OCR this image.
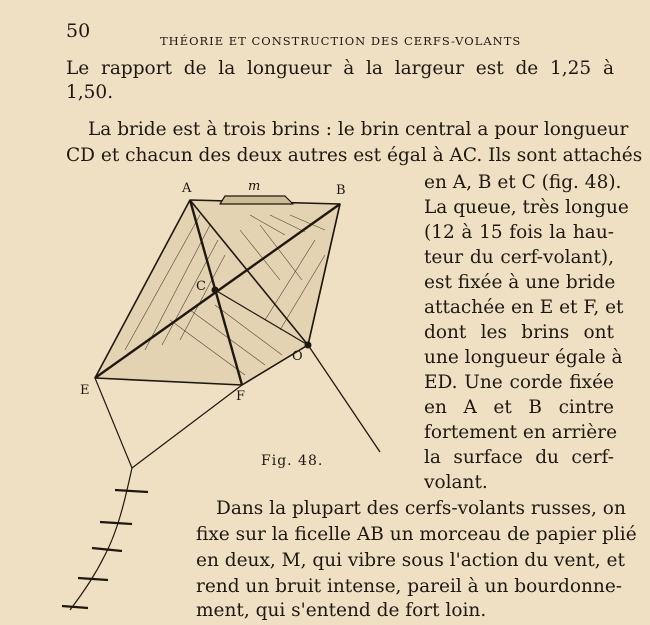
50	THÉORIE ET CONSTRUCTION DES CERFS-VOLANTS
Le rapport de la longueur à la largeur est de 1,25 à
1,50.
La bride est à trois brins : le brin central a pour longueur
CD et chacun des deux autres est égal à AC. Ils sont attachés
en A, B et C (fig. 48).
La queue, très longue
(12 à 15 fois la hau-
teur du cerf-volant),
est fixée à une bride
attachée en E et F, et
dont les brins ont
une longueur égale à
ED. Une corde fixée
en A et B cintre
fortement en arrière
la surface du cerf-
volant.
Dans la plupart des cerfs-volants russes, on
fixe sur la ficelle AB un morceau de papier plié
en deux, M, qui vibre sous l'action du vent, et
rend un bruit intense, pareil à un bourdonne-
ment, qui s'entend de fort loin.
Fig. 48.
A	B
C
E	F
O
m
